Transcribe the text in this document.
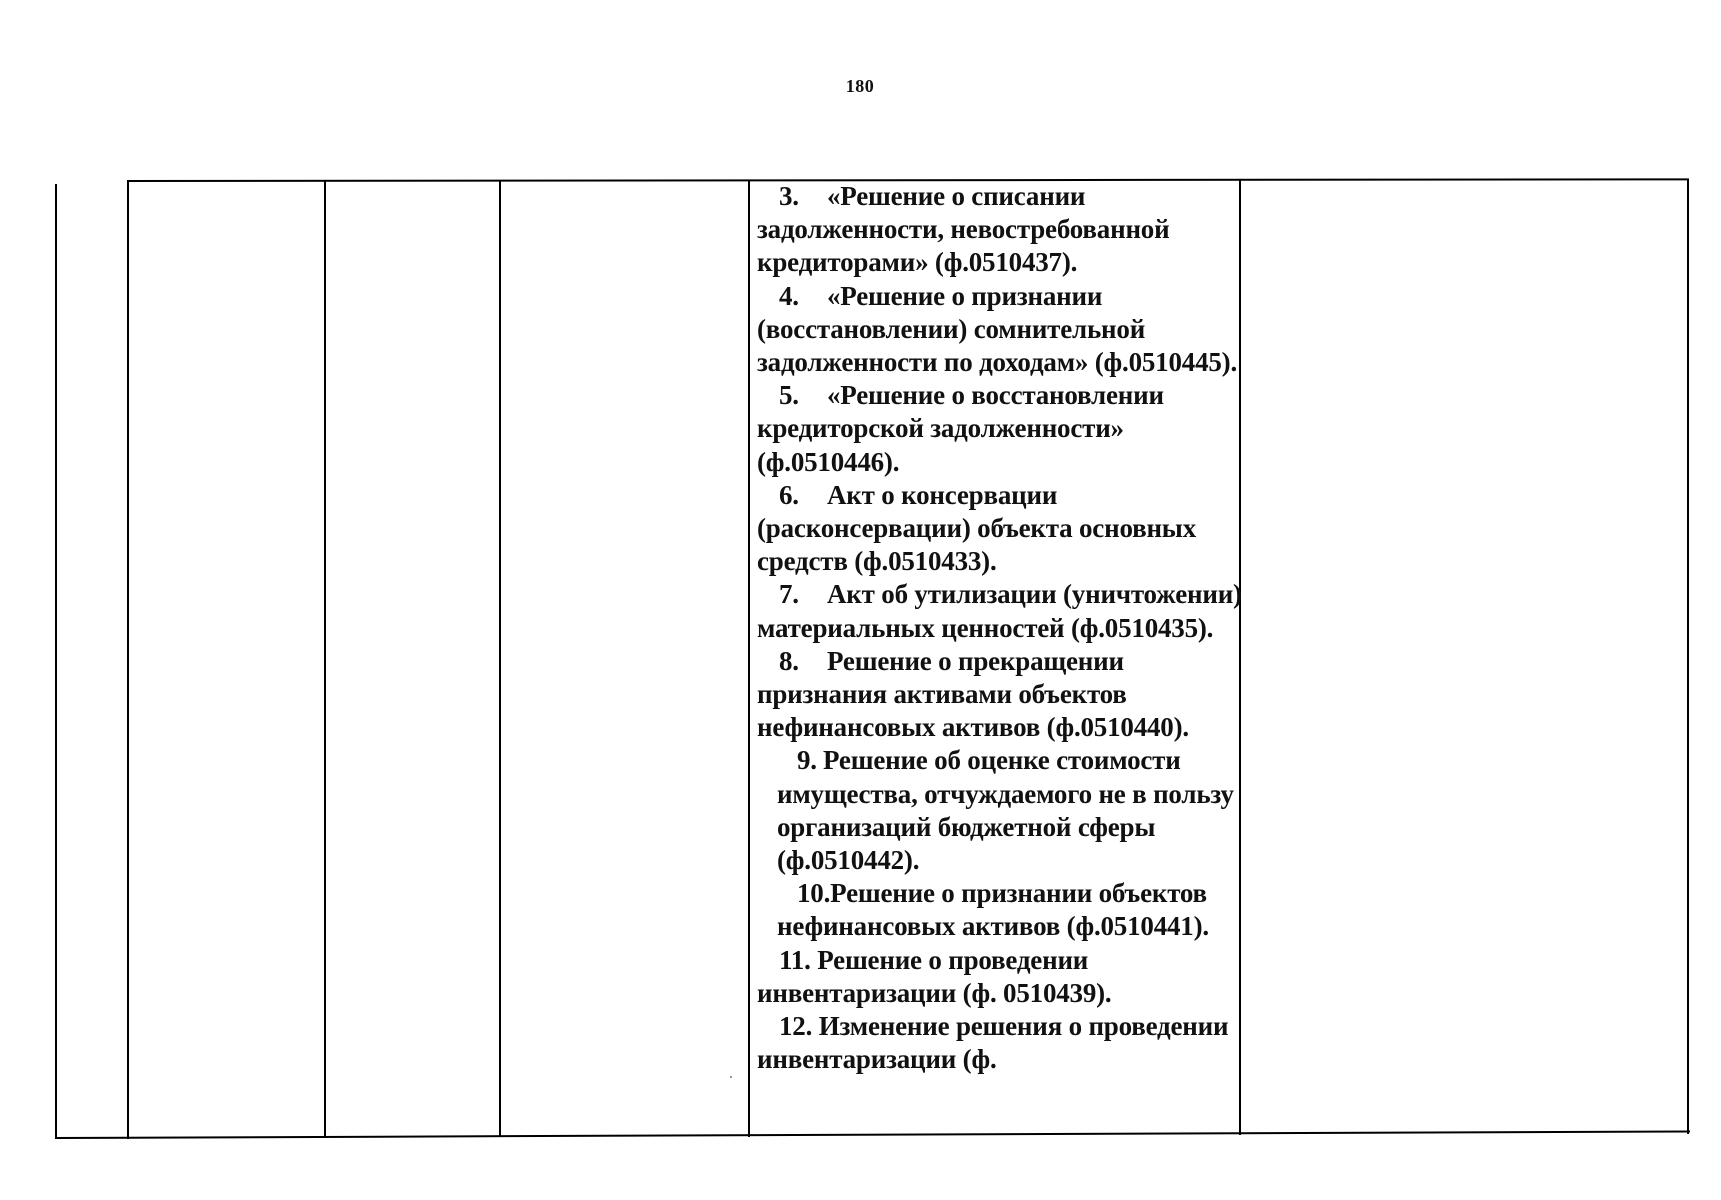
180

3. «Решение о списании задолженности, невостребованной кредиторами» (ф.0510437).

4. «Решение о признании (восстановлении) сомнительной задолженности по доходам» (ф.0510445).

5. «Решение о восстановлении кредиторской задолженности» (ф.0510446).

6. Акт о консервации (расконсервации) объекта основных средств (ф.0510433).

7. Акт об утилизации (уничтожении) материальных ценностей (ф.0510435).

8. Решение о прекращении признания активами объектов нефинансовых активов (ф.0510440).

9. Решение об оценке стоимости имущества, отчуждаемого не в пользу организаций бюджетной сферы (ф.0510442).

10.Решение о признании объектов нефинансовых активов (ф.0510441).

11. Решение о проведении инвентаризации (ф. 0510439).

12. Изменение решения о проведении инвентаризации (ф.
